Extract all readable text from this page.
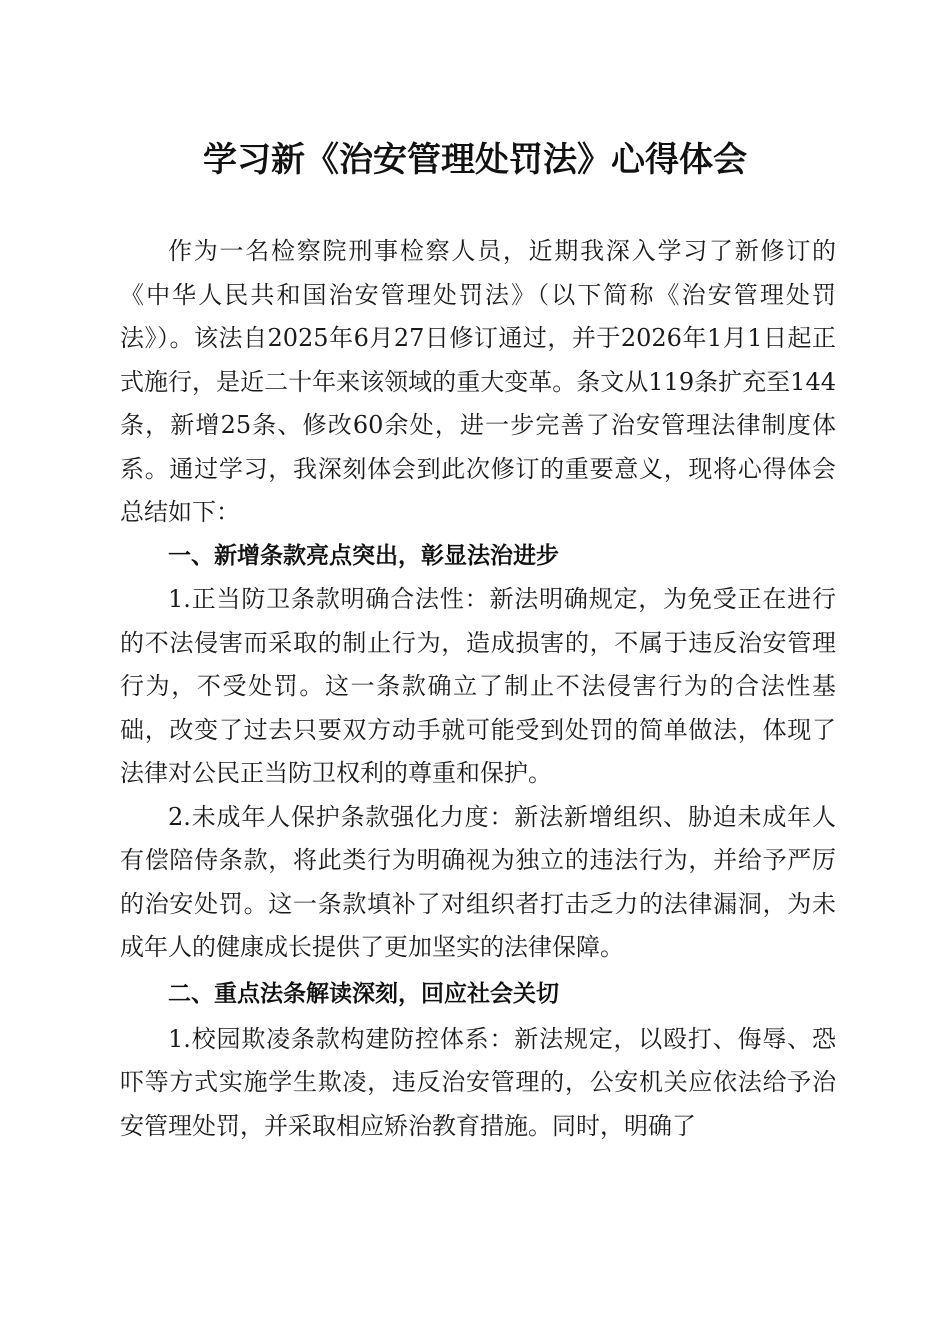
学习新《治安管理处罚法》心得体会

作为一名检察院刑事检察人员，近期我深入学习了新修订的《中华人民共和国治安管理处罚法》（以下简称《治安管理处罚法》）。该法自2025年6月27日修订通过，并于2026年1月1日起正式施行，是近二十年来该领域的重大变革。条文从119条扩充至144条，新增25条、修改60余处，进一步完善了治安管理法律制度体系。通过学习，我深刻体会到此次修订的重要意义，现将心得体会总结如下：

一、新增条款亮点突出，彰显法治进步

1.正当防卫条款明确合法性：新法明确规定，为免受正在进行的不法侵害而采取的制止行为，造成损害的，不属于违反治安管理行为，不受处罚。这一条款确立了制止不法侵害行为的合法性基础，改变了过去只要双方动手就可能受到处罚的简单做法，体现了法律对公民正当防卫权利的尊重和保护。

2.未成年人保护条款强化力度：新法新增组织、胁迫未成年人有偿陪侍条款，将此类行为明确视为独立的违法行为，并给予严厉的治安处罚。这一条款填补了对组织者打击乏力的法律漏洞，为未成年人的健康成长提供了更加坚实的法律保障。

二、重点法条解读深刻，回应社会关切

1.校园欺凌条款构建防控体系：新法规定，以殴打、侮辱、恐吓等方式实施学生欺凌，违反治安管理的，公安机关应依法给予治安管理处罚，并采取相应矫治教育措施。同时，明确了
